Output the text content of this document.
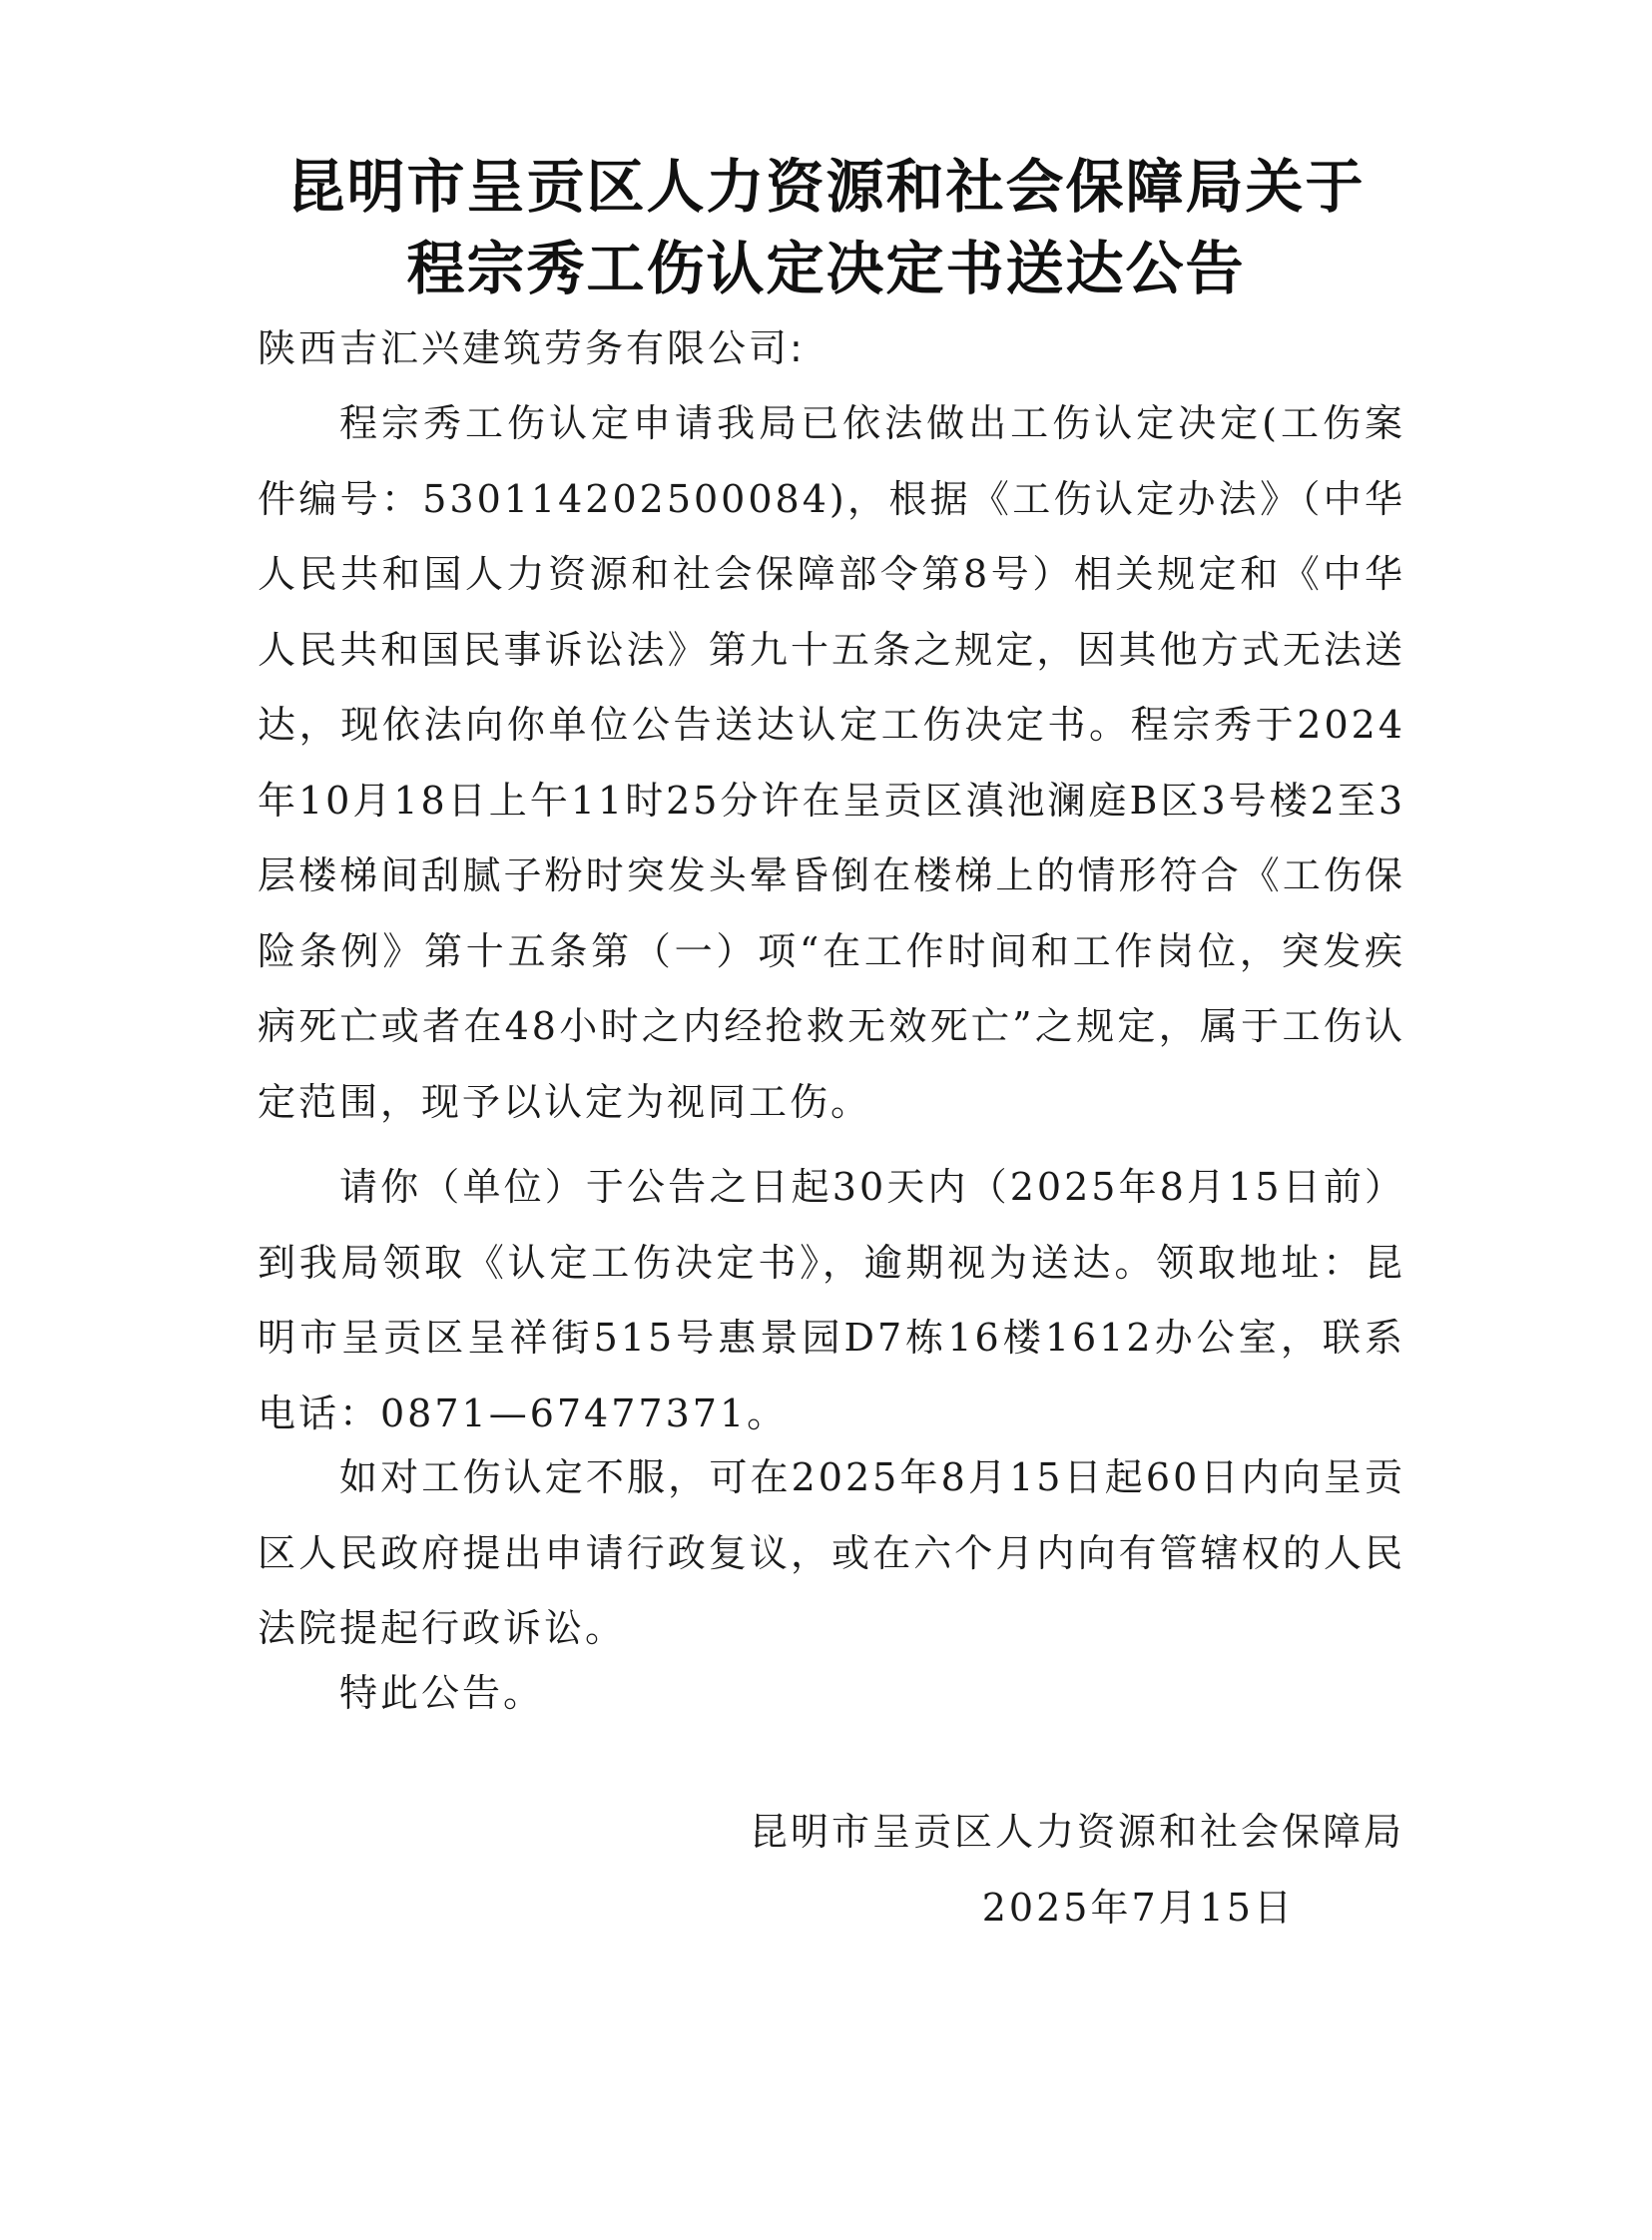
昆明市呈贡区人力资源和社会保障局关于
程宗秀工伤认定决定书送达公告
陕西吉汇兴建筑劳务有限公司:

程宗秀工伤认定申请我局已依法做出工伤认定决定(工伤案件编号：530114202500084)，根据《工伤认定办法》（中华人民共和国人力资源和社会保障部令第8号）相关规定和《中华人民共和国民事诉讼法》第九十五条之规定，因其他方式无法送达，现依法向你单位公告送达认定工伤决定书。程宗秀于2024年10月18日上午11时25分许在呈贡区滇池澜庭B区3号楼2至3层楼梯间刮腻子粉时突发头晕昏倒在楼梯上的情形符合《工伤保险条例》第十五条第（一）项“在工作时间和工作岗位，突发疾病死亡或者在48小时之内经抢救无效死亡”之规定，属于工伤认定范围，现予以认定为视同工伤。

请你（单位）于公告之日起30天内（2025年8月15日前）到我局领取《认定工伤决定书》，逾期视为送达。领取地址：昆明市呈贡区呈祥街515号惠景园D7栋16楼1612办公室，联系电话：0871—67477371。

如对工伤认定不服，可在2025年8月15日起60日内向呈贡区人民政府提出申请行政复议，或在六个月内向有管辖权的人民法院提起行政诉讼。

特此公告。

昆明市呈贡区人力资源和社会保障局
2025年7月15日
